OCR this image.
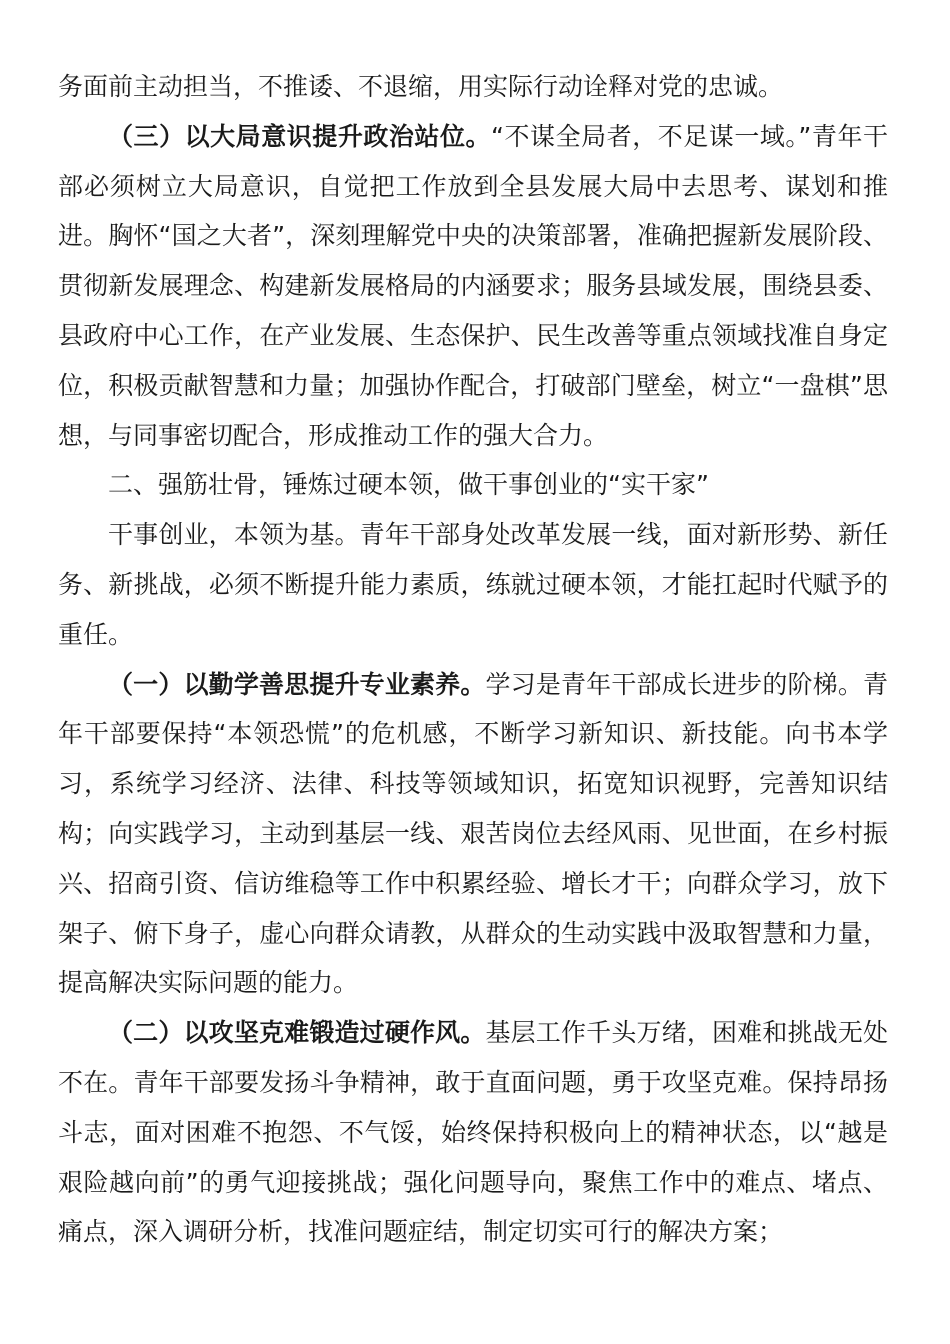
务面前主动担当，不推诿、不退缩，用实际行动诠释对党的忠诚。

（三）以大局意识提升政治站位。“不谋全局者，不足谋一域。”青年干部必须树立大局意识，自觉把工作放到全县发展大局中去思考、谋划和推进。胸怀“国之大者”，深刻理解党中央的决策部署，准确把握新发展阶段、贯彻新发展理念、构建新发展格局的内涵要求；服务县域发展，围绕县委、县政府中心工作，在产业发展、生态保护、民生改善等重点领域找准自身定位，积极贡献智慧和力量；加强协作配合，打破部门壁垒，树立“一盘棋”思想，与同事密切配合，形成推动工作的强大合力。

二、强筋壮骨，锤炼过硬本领，做干事创业的“实干家”

干事创业，本领为基。青年干部身处改革发展一线，面对新形势、新任务、新挑战，必须不断提升能力素质，练就过硬本领，才能扛起时代赋予的重任。

（一）以勤学善思提升专业素养。学习是青年干部成长进步的阶梯。青年干部要保持“本领恐慌”的危机感，不断学习新知识、新技能。向书本学习，系统学习经济、法律、科技等领域知识，拓宽知识视野，完善知识结构；向实践学习，主动到基层一线、艰苦岗位去经风雨、见世面，在乡村振兴、招商引资、信访维稳等工作中积累经验、增长才干；向群众学习，放下架子、俯下身子，虚心向群众请教，从群众的生动实践中汲取智慧和力量，提高解决实际问题的能力。

（二）以攻坚克难锻造过硬作风。基层工作千头万绪，困难和挑战无处不在。青年干部要发扬斗争精神，敢于直面问题，勇于攻坚克难。保持昂扬斗志，面对困难不抱怨、不气馁，始终保持积极向上的精神状态，以“越是艰险越向前”的勇气迎接挑战；强化问题导向，聚焦工作中的难点、堵点、痛点，深入调研分析，找准问题症结，制定切实可行的解决方案；
